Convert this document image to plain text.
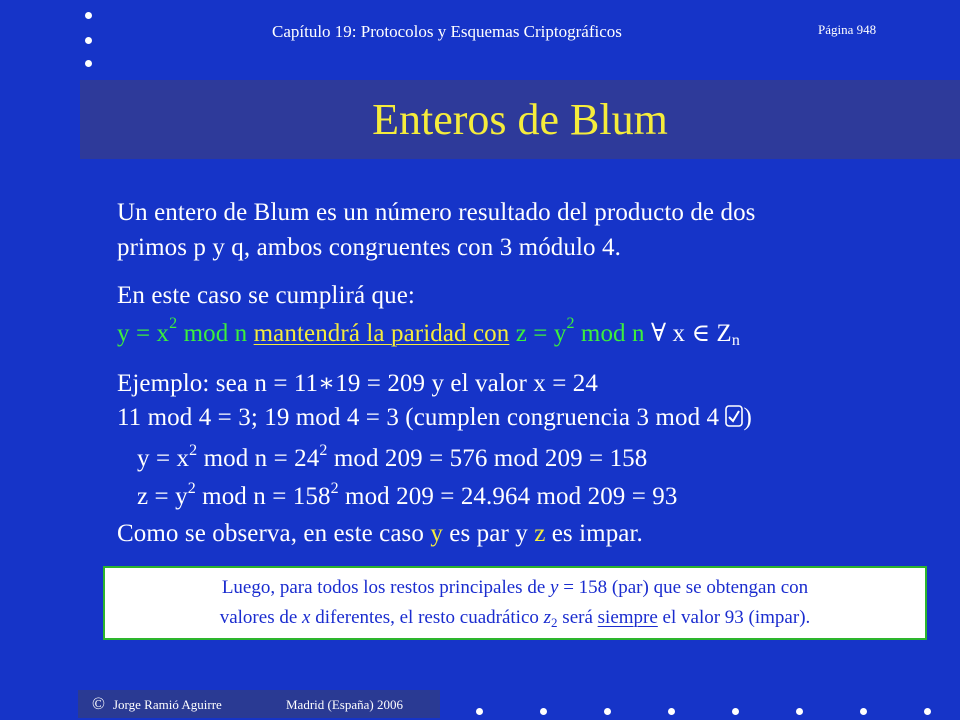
Capítulo 19: Protocolos y Esquemas Criptográficos	Página 948
Enteros de Blum
Un entero de Blum es un número resultado del producto de dos
primos p y q, ambos congruentes con 3 módulo 4.
En este caso se cumplirá que:
$y = x^2$ mod n mantendrá la paridad con $z = y^2$ mod n ∀ x ∈ $Z_n$
Ejemplo: sea n = 11∗19 = 209 y el valor x = 24
11 mod 4 = 3; 19 mod 4 = 3 (cumplen congruencia 3 mod 4 )
$y = x^2$ mod $n = 24^2$ mod 209 = 576 mod 209 = 158
$z = y^2$ mod $n = 158^2$ mod 209 = 24.964 mod 209 = 93
Como se observa, en este caso y es par y z es impar.
Luego, para todos los restos principales de y = 158 (par) que se obtengan con
valores de x diferentes, el resto cuadrático $z_2$ será siempre el valor 93 (impar).
© Jorge Ramió Aguirre	Madrid (España) 2006
